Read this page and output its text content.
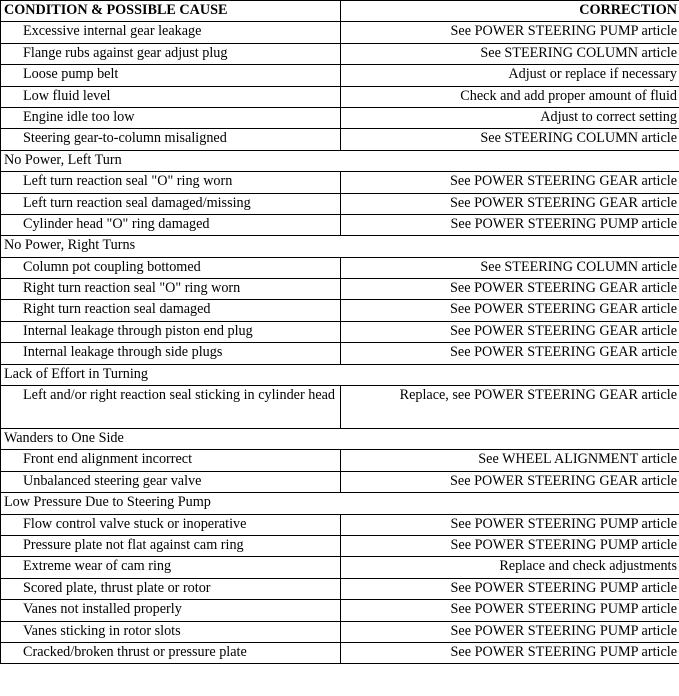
CONDITION & POSSIBLE CAUSE	CORRECTION
Excessive internal gear leakage	See POWER STEERING PUMP article
Flange rubs against gear adjust plug	See STEERING COLUMN article
Loose pump belt	Adjust or replace if necessary
Low fluid level	Check and add proper amount of fluid
Engine idle too low	Adjust to correct setting
Steering gear-to-column misaligned	See STEERING COLUMN article
No Power, Left Turn	
Left turn reaction seal "O" ring worn	See POWER STEERING GEAR article
Left turn reaction seal damaged/missing	See POWER STEERING GEAR article
Cylinder head "O" ring damaged	See POWER STEERING PUMP article
No Power, Right Turns	
Column pot coupling bottomed	See STEERING COLUMN article
Right turn reaction seal "O" ring worn	See POWER STEERING GEAR article
Right turn reaction seal damaged	See POWER STEERING GEAR article
Internal leakage through piston end plug	See POWER STEERING GEAR article
Internal leakage through side plugs	See POWER STEERING GEAR article
Lack of Effort in Turning	
Left and/or right reaction seal sticking in cylinder head	Replace, see POWER STEERING GEAR article
Wanders to One Side	
Front end alignment incorrect	See WHEEL ALIGNMENT article
Unbalanced steering gear valve	See POWER STEERING GEAR article
Low Pressure Due to Steering Pump	
Flow control valve stuck or inoperative	See POWER STEERING PUMP article
Pressure plate not flat against cam ring	See POWER STEERING PUMP article
Extreme wear of cam ring	Replace and check adjustments
Scored plate, thrust plate or rotor	See POWER STEERING PUMP article
Vanes not installed properly	See POWER STEERING PUMP article
Vanes sticking in rotor slots	See POWER STEERING PUMP article
Cracked/broken thrust or pressure plate	See POWER STEERING PUMP article
